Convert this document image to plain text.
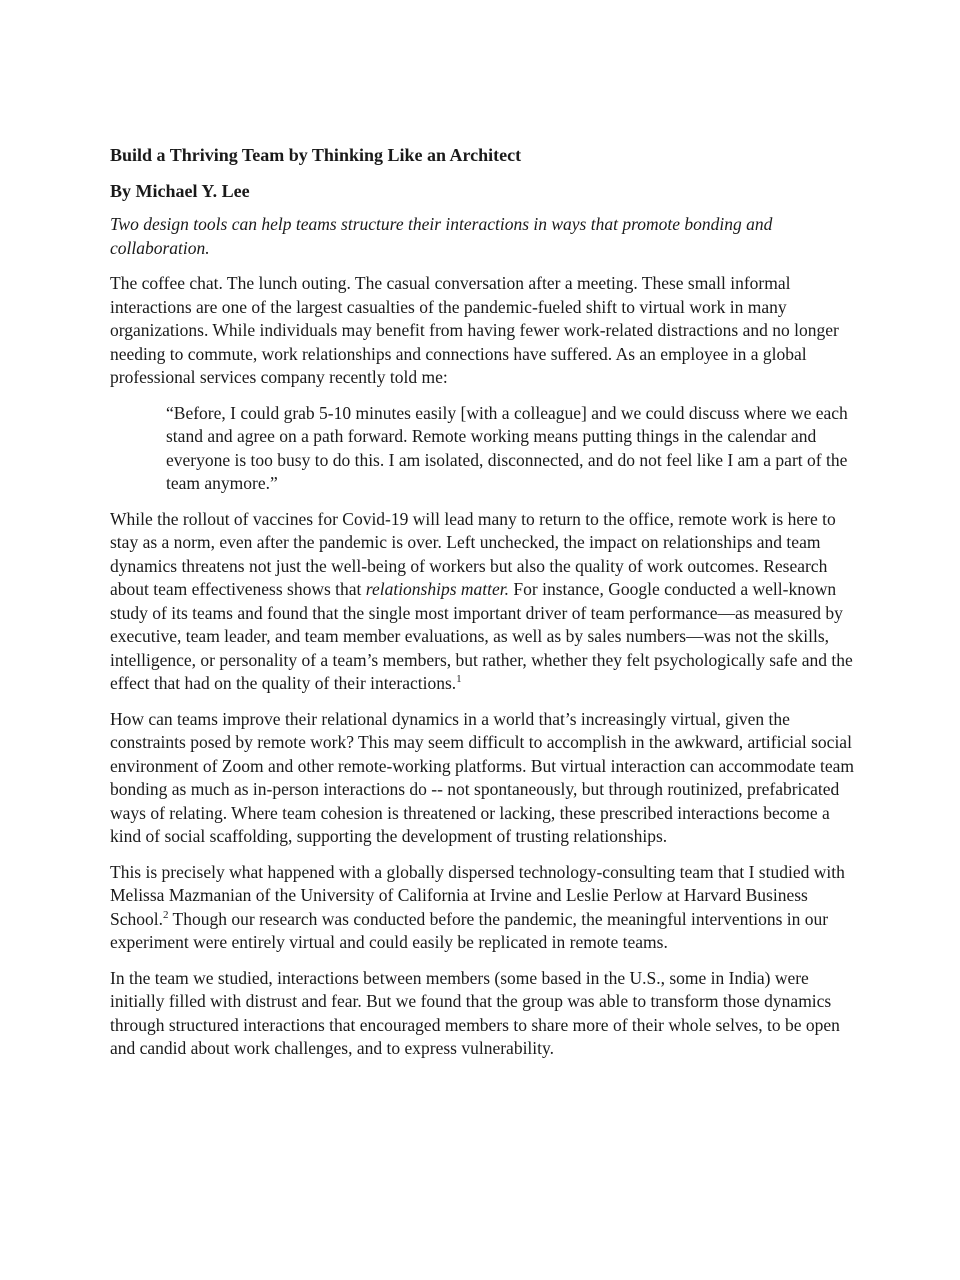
Build a Thriving Team by Thinking Like an Architect
By Michael Y. Lee
Two design tools can help teams structure their interactions in ways that promote bonding and collaboration.

The coffee chat. The lunch outing. The casual conversation after a meeting. These small informal interactions are one of the largest casualties of the pandemic-fueled shift to virtual work in many organizations. While individuals may benefit from having fewer work-related distractions and no longer needing to commute, work relationships and connections have suffered. As an employee in a global professional services company recently told me:

“Before, I could grab 5-10 minutes easily [with a colleague] and we could discuss where we each stand and agree on a path forward. Remote working means putting things in the calendar and everyone is too busy to do this. I am isolated, disconnected, and do not feel like I am a part of the team anymore.”

While the rollout of vaccines for Covid-19 will lead many to return to the office, remote work is here to stay as a norm, even after the pandemic is over. Left unchecked, the impact on relationships and team dynamics threatens not just the well-being of workers but also the quality of work outcomes. Research about team effectiveness shows that relationships matter. For instance, Google conducted a well-known study of its teams and found that the single most important driver of team performance—as measured by executive, team leader, and team member evaluations, as well as by sales numbers—was not the skills, intelligence, or personality of a team’s members, but rather, whether they felt psychologically safe and the effect that had on the quality of their interactions.$^1$

How can teams improve their relational dynamics in a world that’s increasingly virtual, given the constraints posed by remote work? This may seem difficult to accomplish in the awkward, artificial social environment of Zoom and other remote-working platforms. But virtual interaction can accommodate team bonding as much as in-person interactions do -- not spontaneously, but through routinized, prefabricated ways of relating. Where team cohesion is threatened or lacking, these prescribed interactions become a kind of social scaffolding, supporting the development of trusting relationships.

This is precisely what happened with a globally dispersed technology-consulting team that I studied with Melissa Mazmanian of the University of California at Irvine and Leslie Perlow at Harvard Business School.$^2$ Though our research was conducted before the pandemic, the meaningful interventions in our experiment were entirely virtual and could easily be replicated in remote teams.

In the team we studied, interactions between members (some based in the U.S., some in India) were initially filled with distrust and fear. But we found that the group was able to transform those dynamics through structured interactions that encouraged members to share more of their whole selves, to be open and candid about work challenges, and to express vulnerability.
